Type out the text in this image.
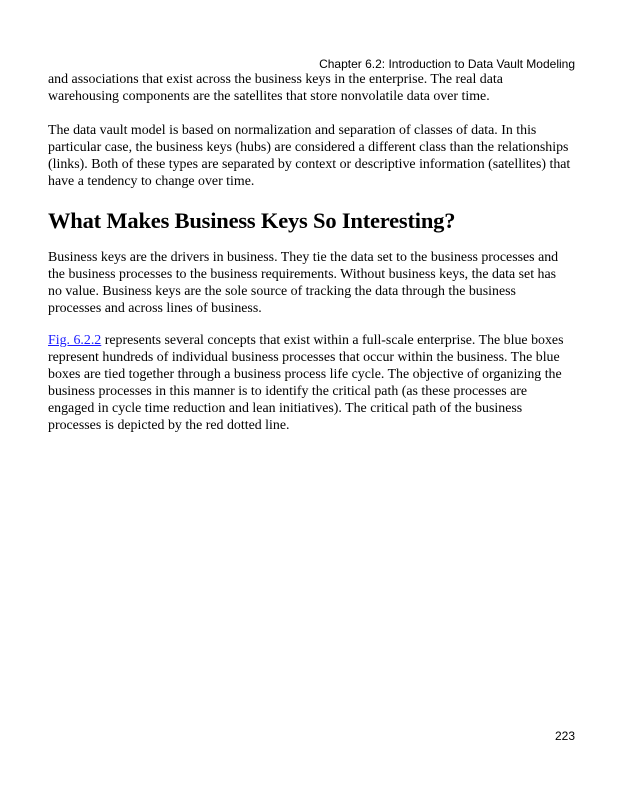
Chapter 6.2: Introduction to Data Vault Modeling

and associations that exist across the business keys in the enterprise. The real data warehousing components are the satellites that store nonvolatile data over time.

The data vault model is based on normalization and separation of classes of data. In this particular case, the business keys (hubs) are considered a different class than the relationships (links). Both of these types are separated by context or descriptive information (satellites) that have a tendency to change over time.

What Makes Business Keys So Interesting?

Business keys are the drivers in business. They tie the data set to the business processes and the business processes to the business requirements. Without business keys, the data set has no value. Business keys are the sole source of tracking the data through the business processes and across lines of business.

Fig. 6.2.2 represents several concepts that exist within a full-scale enterprise. The blue boxes represent hundreds of individual business processes that occur within the business. The blue boxes are tied together through a business process life cycle. The objective of organizing the business processes in this manner is to identify the critical path (as these processes are engaged in cycle time reduction and lean initiatives). The critical path of the business processes is depicted by the red dotted line.

223
